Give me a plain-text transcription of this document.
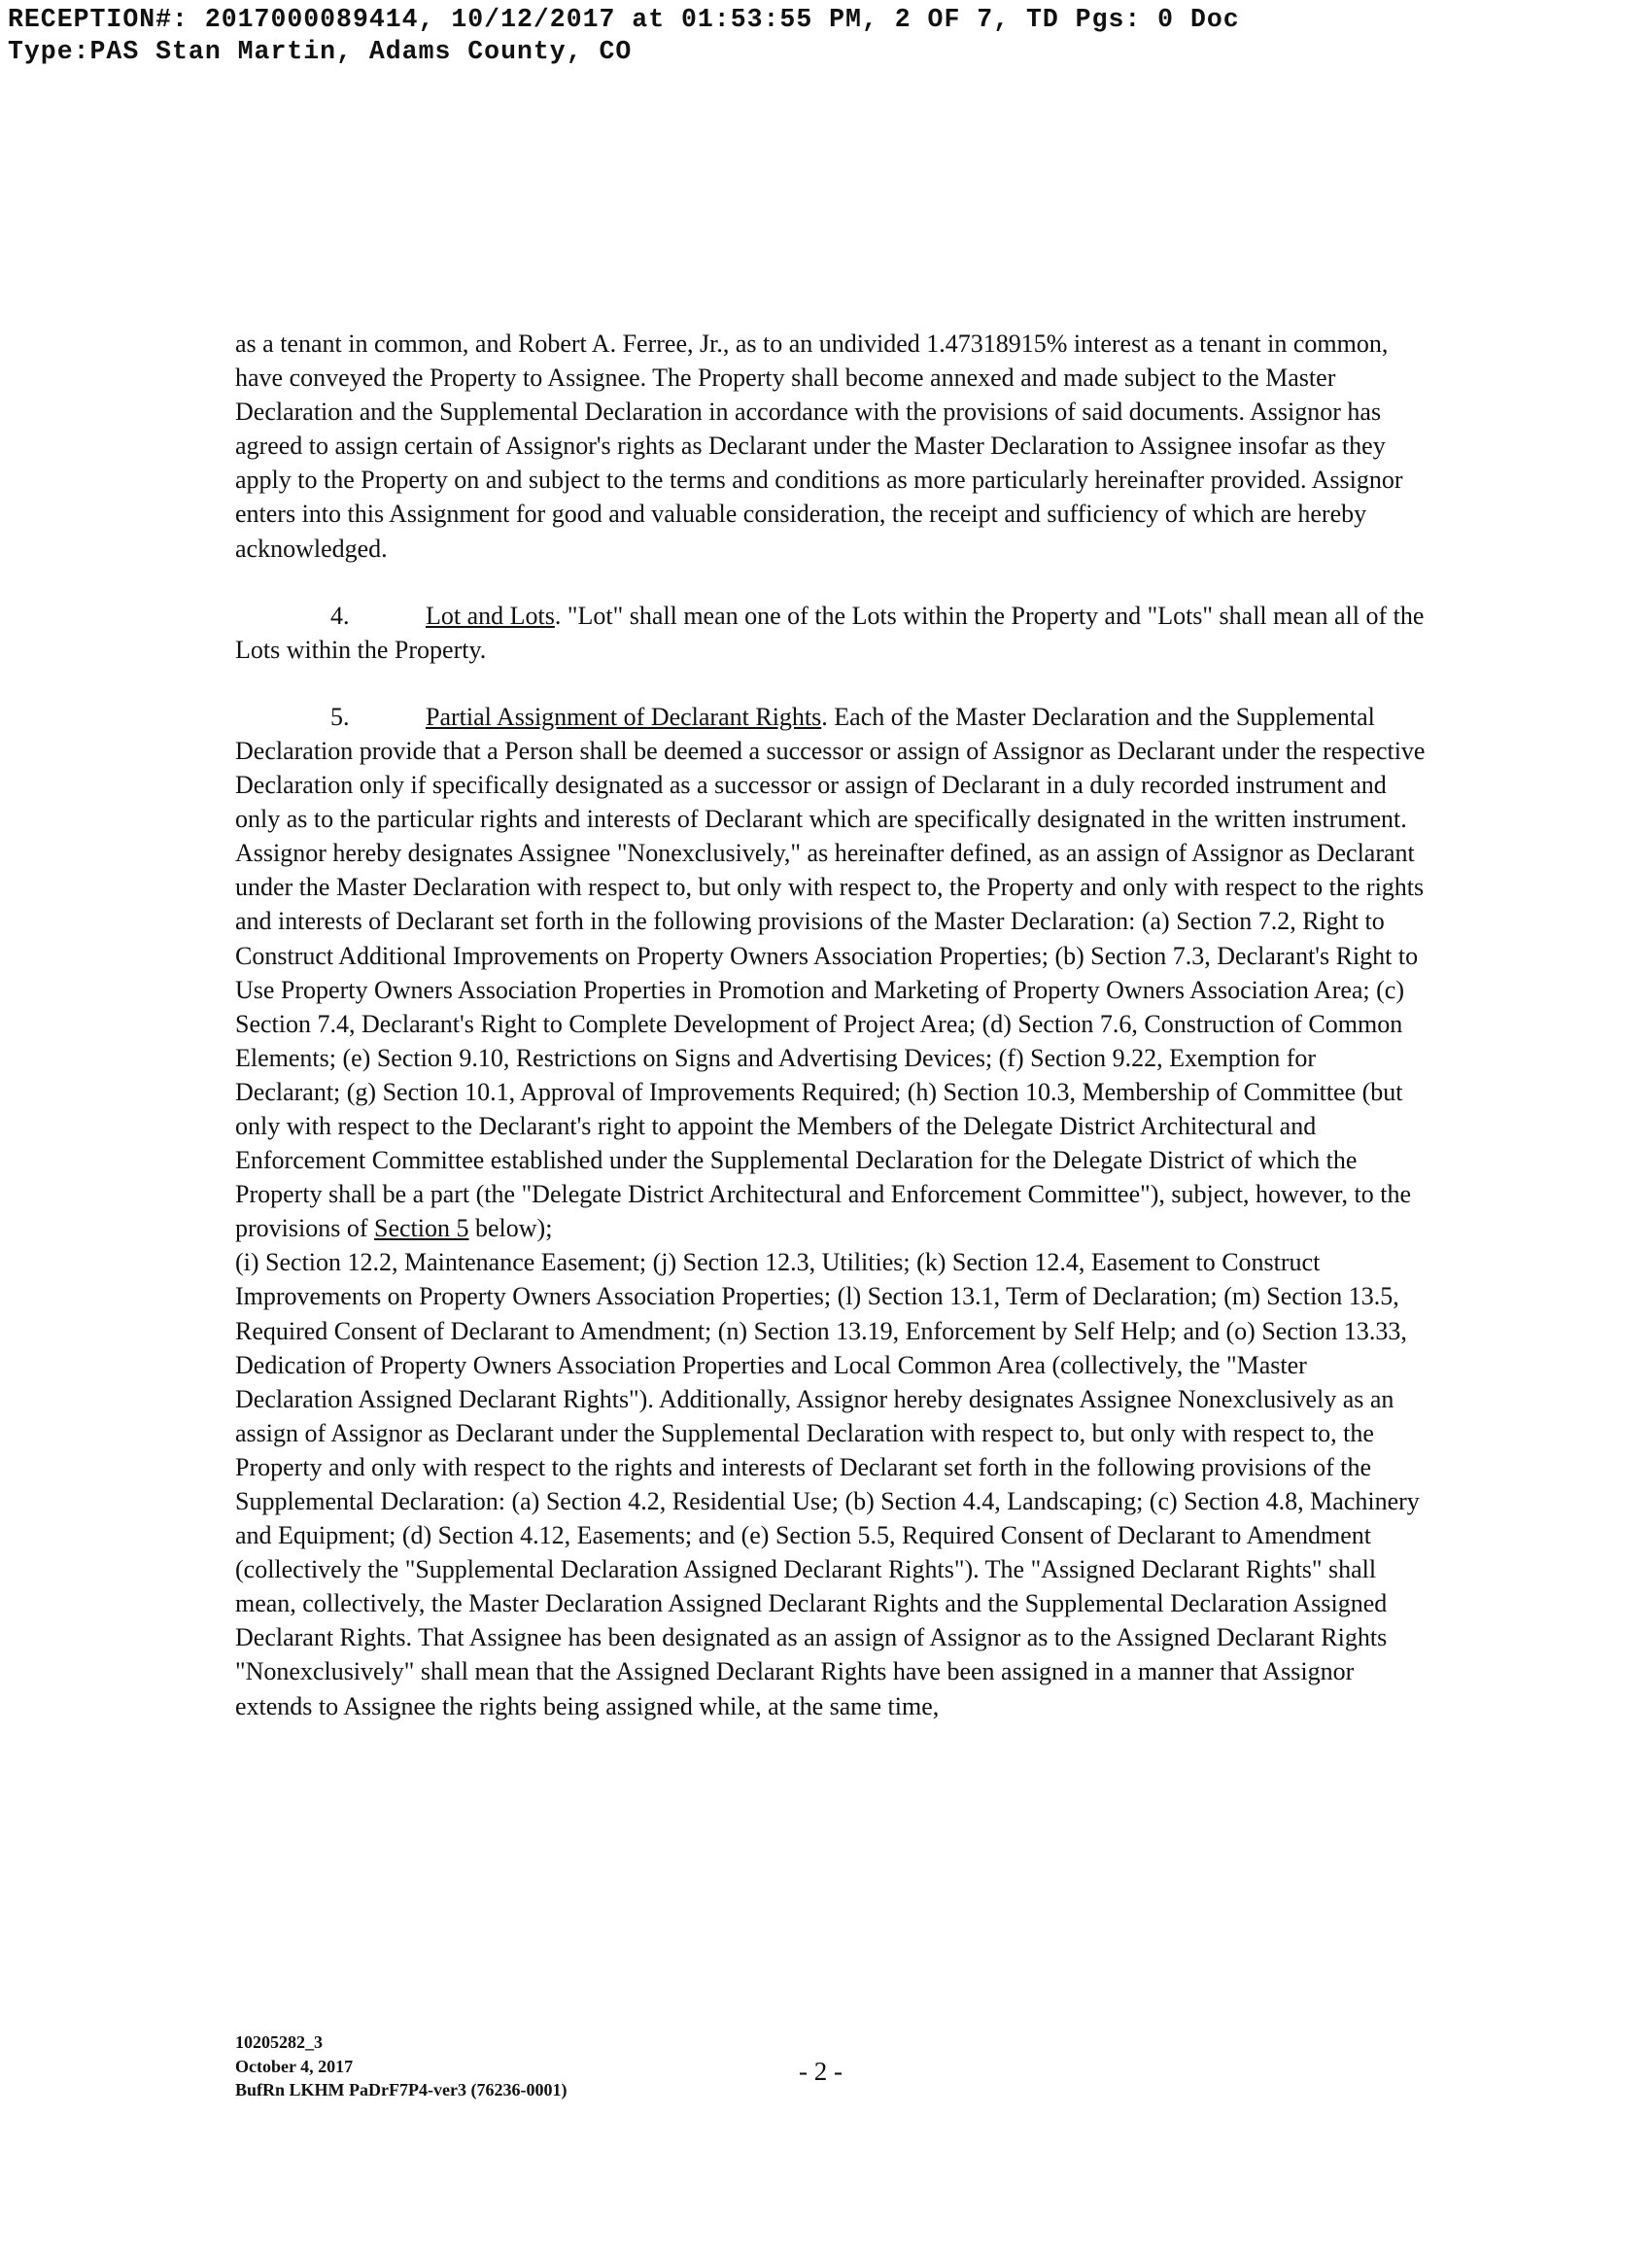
RECEPTION#: 2017000089414, 10/12/2017 at 01:53:55 PM, 2 OF 7, TD Pgs: 0 Doc
Type:PAS Stan Martin, Adams County, CO

as a tenant in common, and Robert A. Ferree, Jr., as to an undivided 1.47318915% interest as a tenant in common, have conveyed the Property to Assignee. The Property shall become annexed and made subject to the Master Declaration and the Supplemental Declaration in accordance with the provisions of said documents. Assignor has agreed to assign certain of Assignor's rights as Declarant under the Master Declaration to Assignee insofar as they apply to the Property on and subject to the terms and conditions as more particularly hereinafter provided. Assignor enters into this Assignment for good and valuable consideration, the receipt and sufficiency of which are hereby acknowledged.

4.	Lot and Lots. "Lot" shall mean one of the Lots within the Property and "Lots" shall mean all of the Lots within the Property.

5.	Partial Assignment of Declarant Rights. Each of the Master Declaration and the Supplemental Declaration provide that a Person shall be deemed a successor or assign of Assignor as Declarant under the respective Declaration only if specifically designated as a successor or assign of Declarant in a duly recorded instrument and only as to the particular rights and interests of Declarant which are specifically designated in the written instrument. Assignor hereby designates Assignee "Nonexclusively," as hereinafter defined, as an assign of Assignor as Declarant under the Master Declaration with respect to, but only with respect to, the Property and only with respect to the rights and interests of Declarant set forth in the following provisions of the Master Declaration: (a) Section 7.2, Right to Construct Additional Improvements on Property Owners Association Properties; (b) Section 7.3, Declarant's Right to Use Property Owners Association Properties in Promotion and Marketing of Property Owners Association Area; (c) Section 7.4, Declarant's Right to Complete Development of Project Area; (d) Section 7.6, Construction of Common Elements; (e) Section 9.10, Restrictions on Signs and Advertising Devices; (f) Section 9.22, Exemption for Declarant; (g) Section 10.1, Approval of Improvements Required; (h) Section 10.3, Membership of Committee (but only with respect to the Declarant's right to appoint the Members of the Delegate District Architectural and Enforcement Committee established under the Supplemental Declaration for the Delegate District of which the Property shall be a part (the "Delegate District Architectural and Enforcement Committee"), subject, however, to the provisions of Section 5 below);

(i) Section 12.2, Maintenance Easement; (j) Section 12.3, Utilities; (k) Section 12.4, Easement to Construct Improvements on Property Owners Association Properties; (l) Section 13.1, Term of Declaration; (m) Section 13.5, Required Consent of Declarant to Amendment; (n) Section 13.19, Enforcement by Self Help; and (o) Section 13.33, Dedication of Property Owners Association Properties and Local Common Area (collectively, the "Master Declaration Assigned Declarant Rights"). Additionally, Assignor hereby designates Assignee Nonexclusively as an assign of Assignor as Declarant under the Supplemental Declaration with respect to, but only with respect to, the Property and only with respect to the rights and interests of Declarant set forth in the following provisions of the Supplemental Declaration: (a) Section 4.2, Residential Use; (b) Section 4.4, Landscaping; (c) Section 4.8, Machinery and Equipment; (d) Section 4.12, Easements; and (e) Section 5.5, Required Consent of Declarant to Amendment (collectively the "Supplemental Declaration Assigned Declarant Rights"). The "Assigned Declarant Rights" shall mean, collectively, the Master Declaration Assigned Declarant Rights and the Supplemental Declaration Assigned Declarant Rights. That Assignee has been designated as an assign of Assignor as to the Assigned Declarant Rights "Nonexclusively" shall mean that the Assigned Declarant Rights have been assigned in a manner that Assignor extends to Assignee the rights being assigned while, at the same time,

10205282_3
October 4, 2017
BufRn LKHM PaDrF7P4-ver3 (76236-0001)
- 2 -
